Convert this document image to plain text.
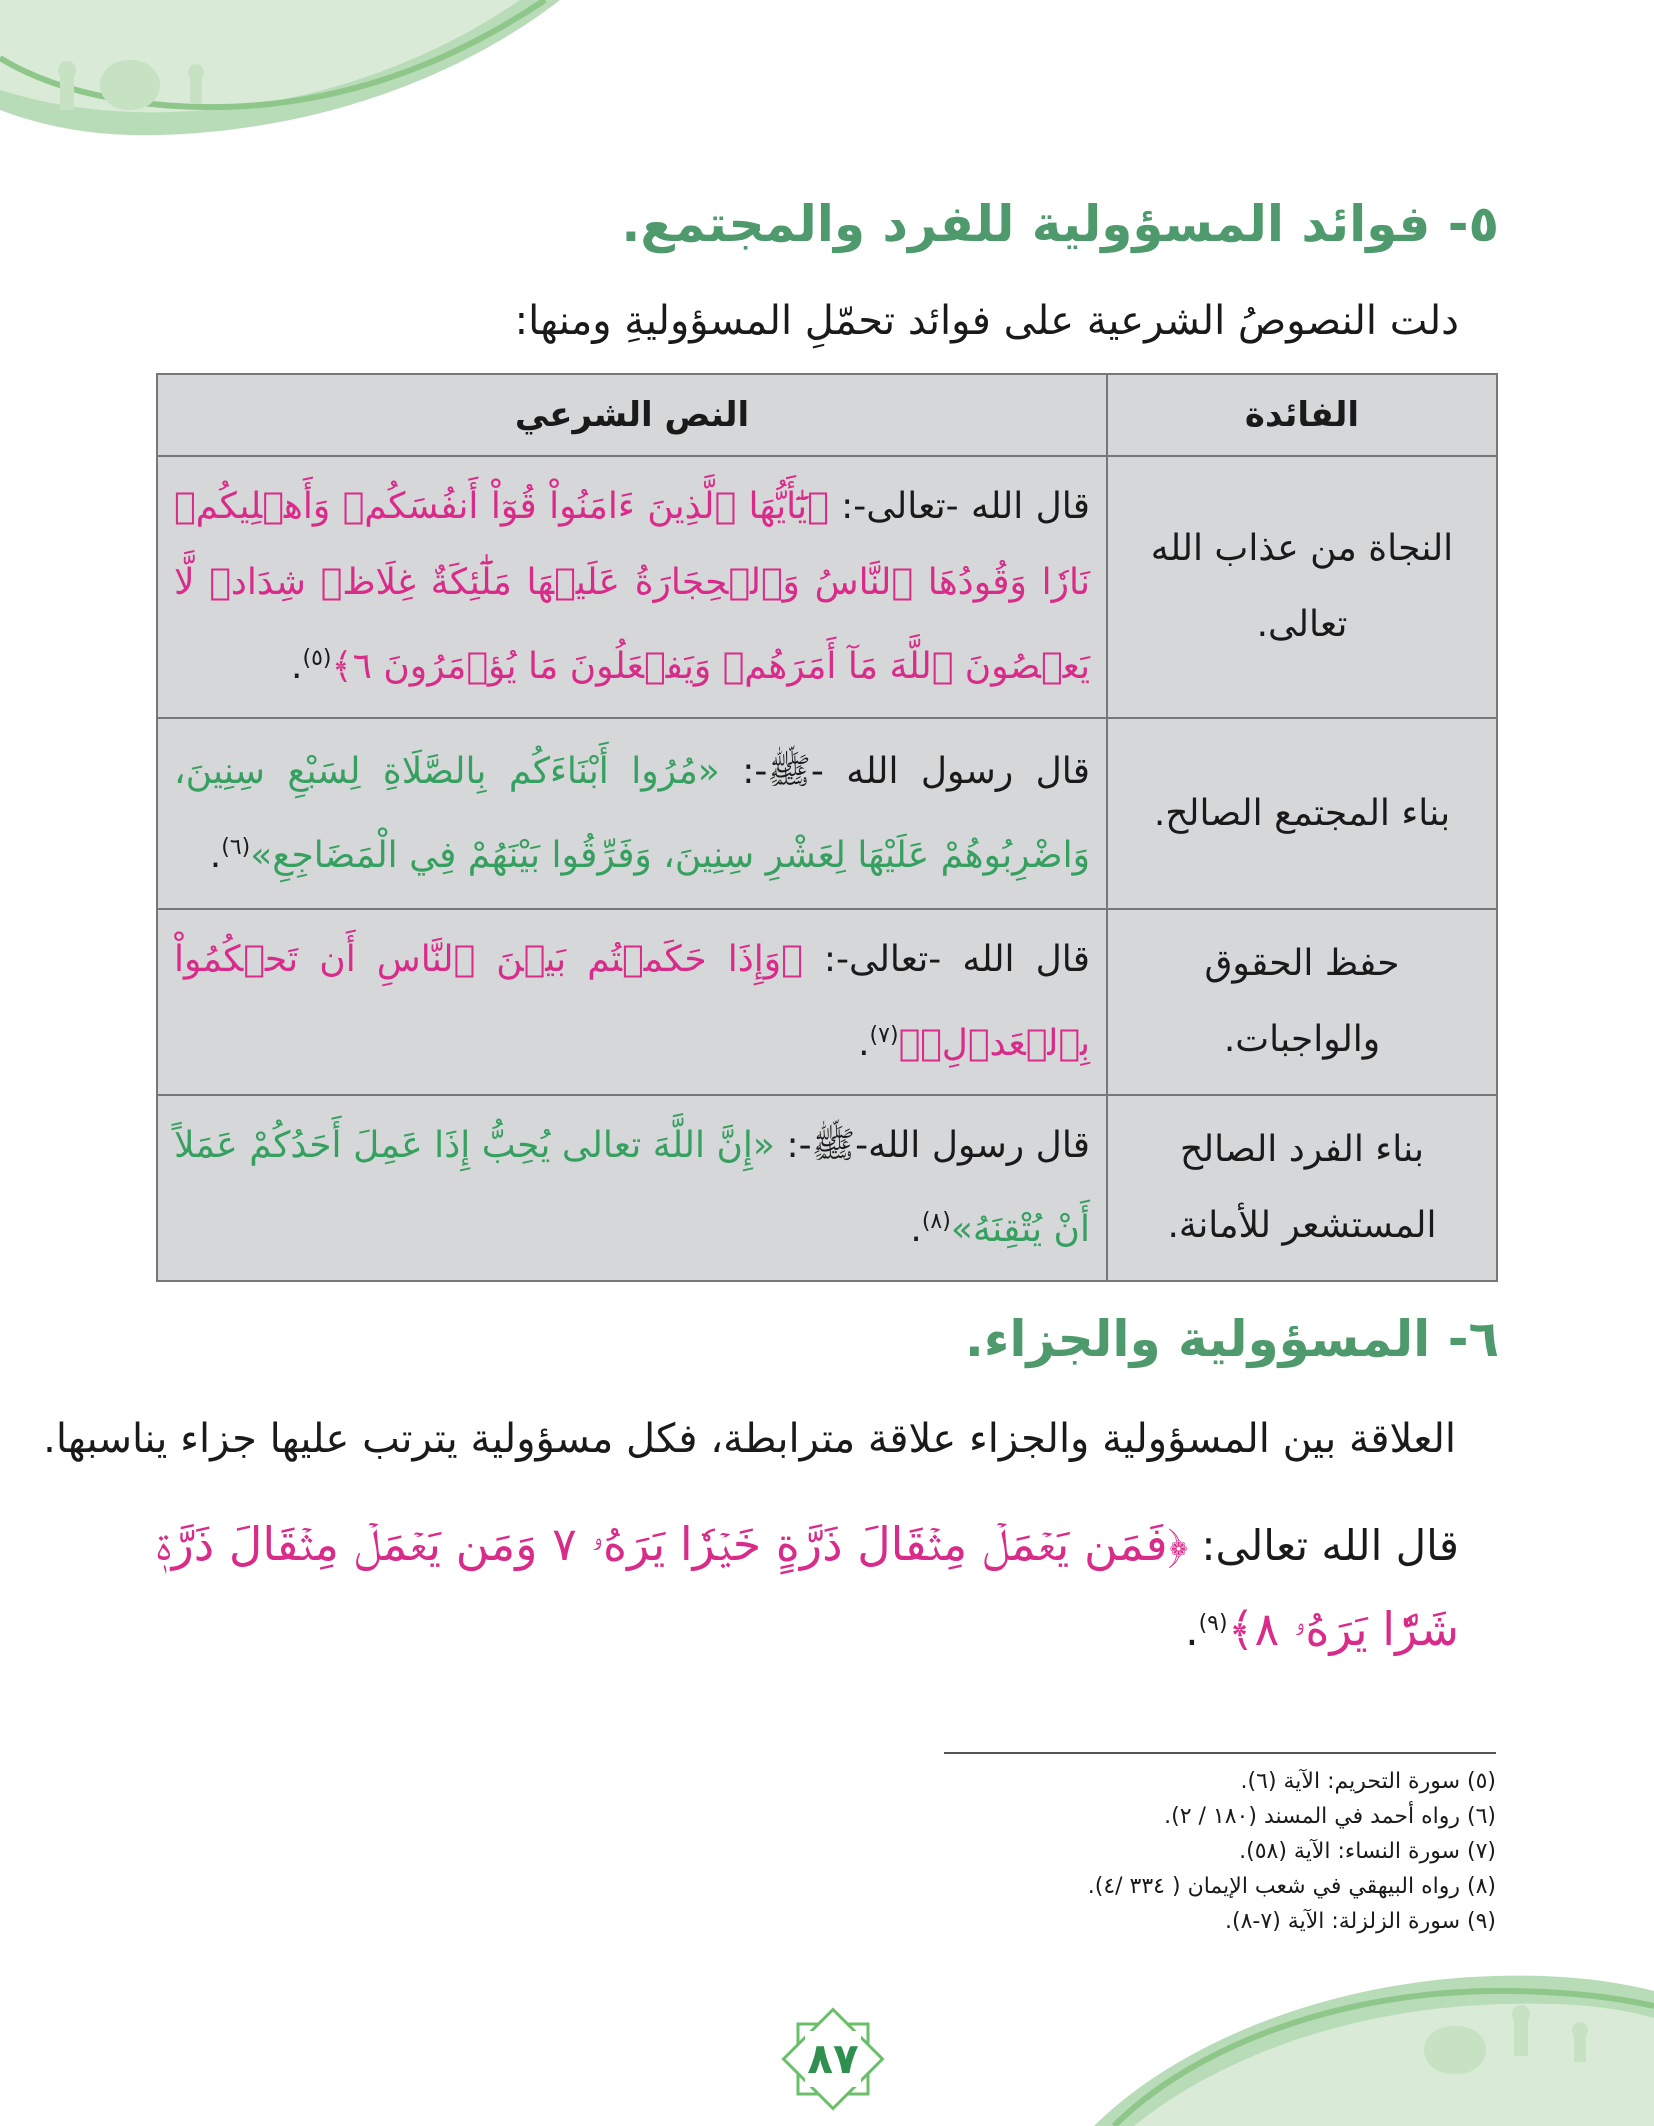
٥- فوائد المسؤولية للفرد والمجتمع.
دلت النصوصُ الشرعية على فوائد تحمّلِ المسؤوليةِ ومنها:
الفائدة	النص الشرعي
النجاة من عذاب الله تعالى.	قال الله -تعالى-: ﴿يَٰٓأَيُّهَا ٱلَّذِينَ ءَامَنُواْ قُوٓاْ أَنفُسَكُمۡ وَأَهۡلِيكُمۡ نَارٗا وَقُودُهَا ٱلنَّاسُ وَٱلۡحِجَارَةُ عَلَيۡهَا مَلَٰٓئِكَةٌ غِلَاظٞ شِدَادٞ لَّا يَعۡصُونَ ٱللَّهَ مَآ أَمَرَهُمۡ وَيَفۡعَلُونَ مَا يُؤۡمَرُونَ ٦﴾$^{(٥)}$.
بناء المجتمع الصالح.	قال رسول الله -ﷺ-: «مُرُوا أَبْنَاءَكُم بِالصَّلَاةِ لِسَبْعِ سِنِينَ، وَاضْرِبُوهُمْ عَلَيْهَا لِعَشْرِ سِنِينَ، وَفَرِّقُوا بَيْنَهُمْ فِي الْمَضَاجِعِ»$^{(٦)}$.
حفظ الحقوق والواجبات.	قال الله -تعالى-: ﴿وَإِذَا حَكَمۡتُم بَيۡنَ ٱلنَّاسِ أَن تَحۡكُمُواْ بِٱلۡعَدۡلِۚ﴾$^{(٧)}$.
بناء الفرد الصالح المستشعر للأمانة.	قال رسول الله-ﷺ-: «إِنَّ اللَّهَ تعالى يُحِبُّ إِذَا عَمِلَ أَحَدُكُمْ عَمَلاً أَنْ يُتْقِنَهُ»$^{(٨)}$.
٦- المسؤولية والجزاء.
العلاقة بين المسؤولية والجزاء علاقة مترابطة، فكل مسؤولية يترتب عليها جزاء يناسبها.
قال الله تعالى: ﴿فَمَن يَعۡمَلۡ مِثۡقَالَ ذَرَّةٍ خَيۡرٗا يَرَهُۥ ٧ وَمَن يَعۡمَلۡ مِثۡقَالَ ذَرَّةٖ شَرّٗا يَرَهُۥ ٨﴾$^{(٩)}$.
(٥) سورة التحريم: الآية (٦).
(٦) رواه أحمد في المسند (١٨٠ / ٢).
(٧) سورة النساء: الآية (٥٨).
(٨) رواه البيهقي في شعب الإيمان ( ٣٣٤ /٤).
(٩) سورة الزلزلة: الآية (٧-٨).
٨٧
